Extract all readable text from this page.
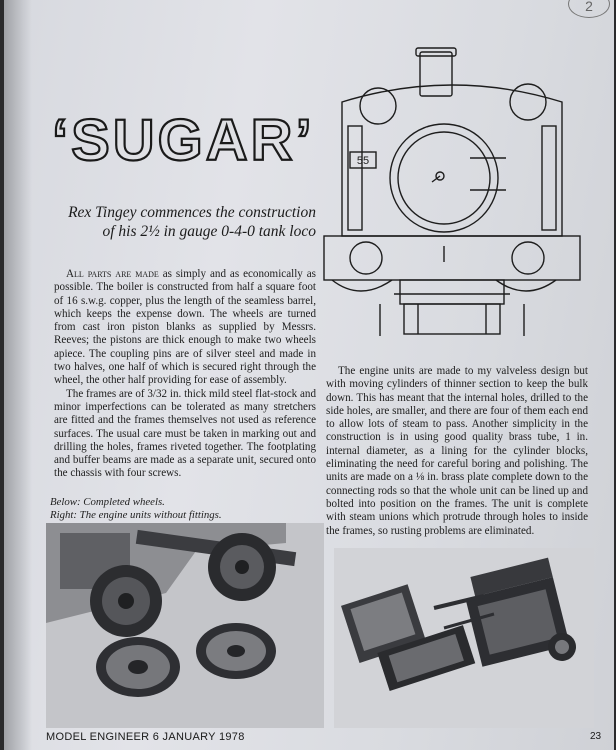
2
55
‘SUGAR’
Rex Tingey commences the construction
of his 2½ in gauge 0-4-0 tank loco

All parts are made as simply and as economically as possible. The boiler is constructed from half a square foot of 16 s.w.g. copper, plus the length of the seamless barrel, which keeps the expense down. The wheels are turned from cast iron piston blanks as supplied by Messrs. Reeves; the pistons are thick enough to make two wheels apiece. The coupling pins are of silver steel and made in two halves, one half of which is secured right through the wheel, the other half providing for ease of assembly.

The frames are of 3/32 in. thick mild steel flat-stock and minor imperfections can be tolerated as many stretchers are fitted and the frames themselves not used as reference surfaces. The usual care must be taken in marking out and drilling the holes, frames riveted together. The footplating and buffer beams are made as a separate unit, secured onto the chassis with four screws.

Below: Completed wheels.
Right: The engine units without fittings.

The engine units are made to my valveless design but with moving cylinders of thinner section to keep the bulk down. This has meant that the internal holes, drilled to the side holes, are smaller, and there are four of them each end to allow lots of steam to pass. Another simplicity in the construction is in using good quality brass tube, 1 in. internal diameter, as a lining for the cylinder blocks, eliminating the need for careful boring and polishing. The units are made on a ⅛ in. brass plate complete down to the connecting rods so that the whole unit can be lined up and bolted into position on the frames. The unit is complete with steam unions which protrude through holes to inside the frames, so rusting problems are eliminated.

MODEL ENGINEER 6 JANUARY 1978	23
